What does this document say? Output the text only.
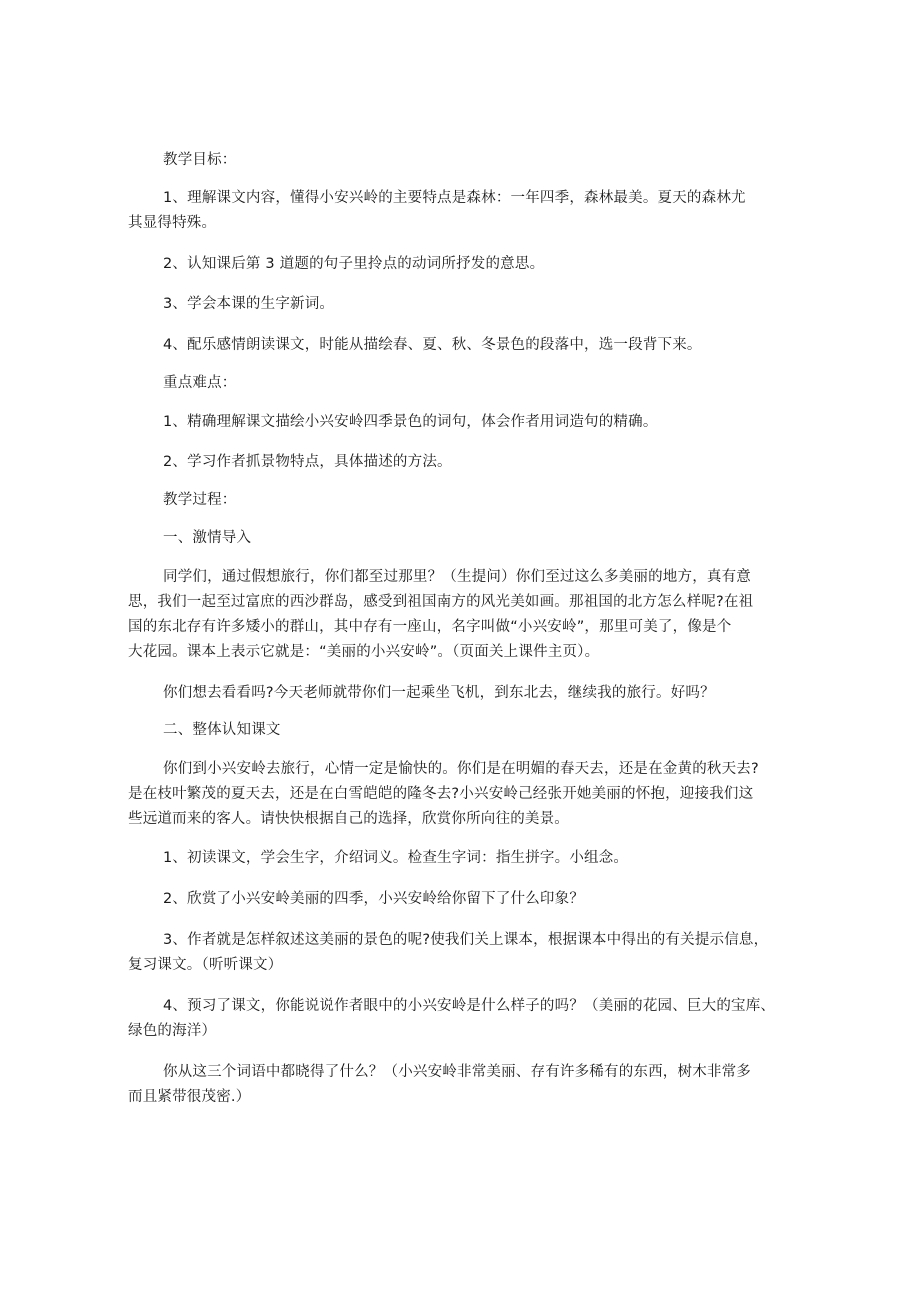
教学目标：

1、理解课文内容，懂得小安兴岭的主要特点是森林：一年四季，森林最美。夏天的森林尤

其显得特殊。

2、认知课后第 3 道题的句子里拎点的动词所抒发的意思。

3、学会本课的生字新词。

4、配乐感情朗读课文，时能从描绘春、夏、秋、冬景色的段落中，选一段背下来。

重点难点：

1、精确理解课文描绘小兴安岭四季景色的词句，体会作者用词造句的精确。

2、学习作者抓景物特点，具体描述的方法。

教学过程：

一、激情导入

同学们，通过假想旅行，你们都至过那里？（生提问）你们至过这么多美丽的地方，真有意

思，我们一起至过富庶的西沙群岛，感受到祖国南方的风光美如画。那祖国的北方怎么样呢?在祖

国的东北存有许多矮小的群山，其中存有一座山，名字叫做“小兴安岭”，那里可美了，像是个

大花园。课本上表示它就是：“美丽的小兴安岭”。（页面关上课件主页）。

你们想去看看吗?今天老师就带你们一起乘坐飞机，到东北去，继续我的旅行。好吗？

二、整体认知课文

你们到小兴安岭去旅行，心情一定是愉快的。你们是在明媚的春天去，还是在金黄的秋天去?

是在枝叶繁茂的夏天去，还是在白雪皑皑的隆冬去?小兴安岭己经张开她美丽的怀抱，迎接我们这

些远道而来的客人。请快快根据自己的选择，欣赏你所向往的美景。

1、初读课文，学会生字，介绍词义。检查生字词：指生拼字。小组念。

2、欣赏了小兴安岭美丽的四季，小兴安岭给你留下了什么印象？

3、作者就是怎样叙述这美丽的景色的呢?使我们关上课本，根据课本中得出的有关提示信息，

复习课文。（听听课文）

4、预习了课文，你能说说作者眼中的小兴安岭是什么样子的吗？（美丽的花园、巨大的宝库、

绿色的海洋）

你从这三个词语中都晓得了什么？（小兴安岭非常美丽、存有许多稀有的东西，树木非常多

而且紧带很茂密.）
